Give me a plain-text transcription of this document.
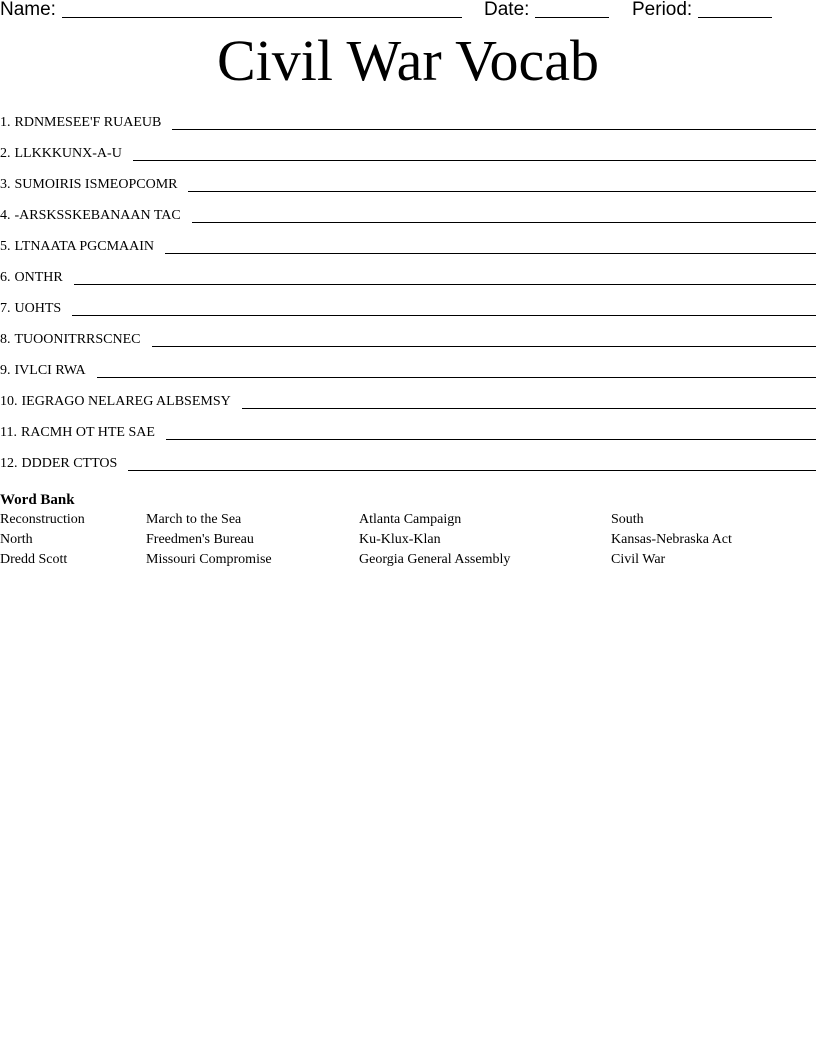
Name:	Date:	Period:
Civil War Vocab
1. RDNMESEE'F RUAEUB
2. LLKKKUNX-A-U
3. SUMOIRIS ISMEOPCOMR
4. -ARSKSSKEBANAAN TAC
5. LTNAATA PGCMAAIN
6. ONTHR
7. UOHTS
8. TUOONITRRSCNEC
9. IVLCI RWA
10. IEGRAGO NELAREG ALBSEMSY
11. RACMH OT HTE SAE
12. DDDER CTTOS
Word Bank
Reconstruction	March to the Sea	Atlanta Campaign	South
North	Freedmen's Bureau	Ku-Klux-Klan	Kansas-Nebraska Act
Dredd Scott	Missouri Compromise	Georgia General Assembly	Civil War
